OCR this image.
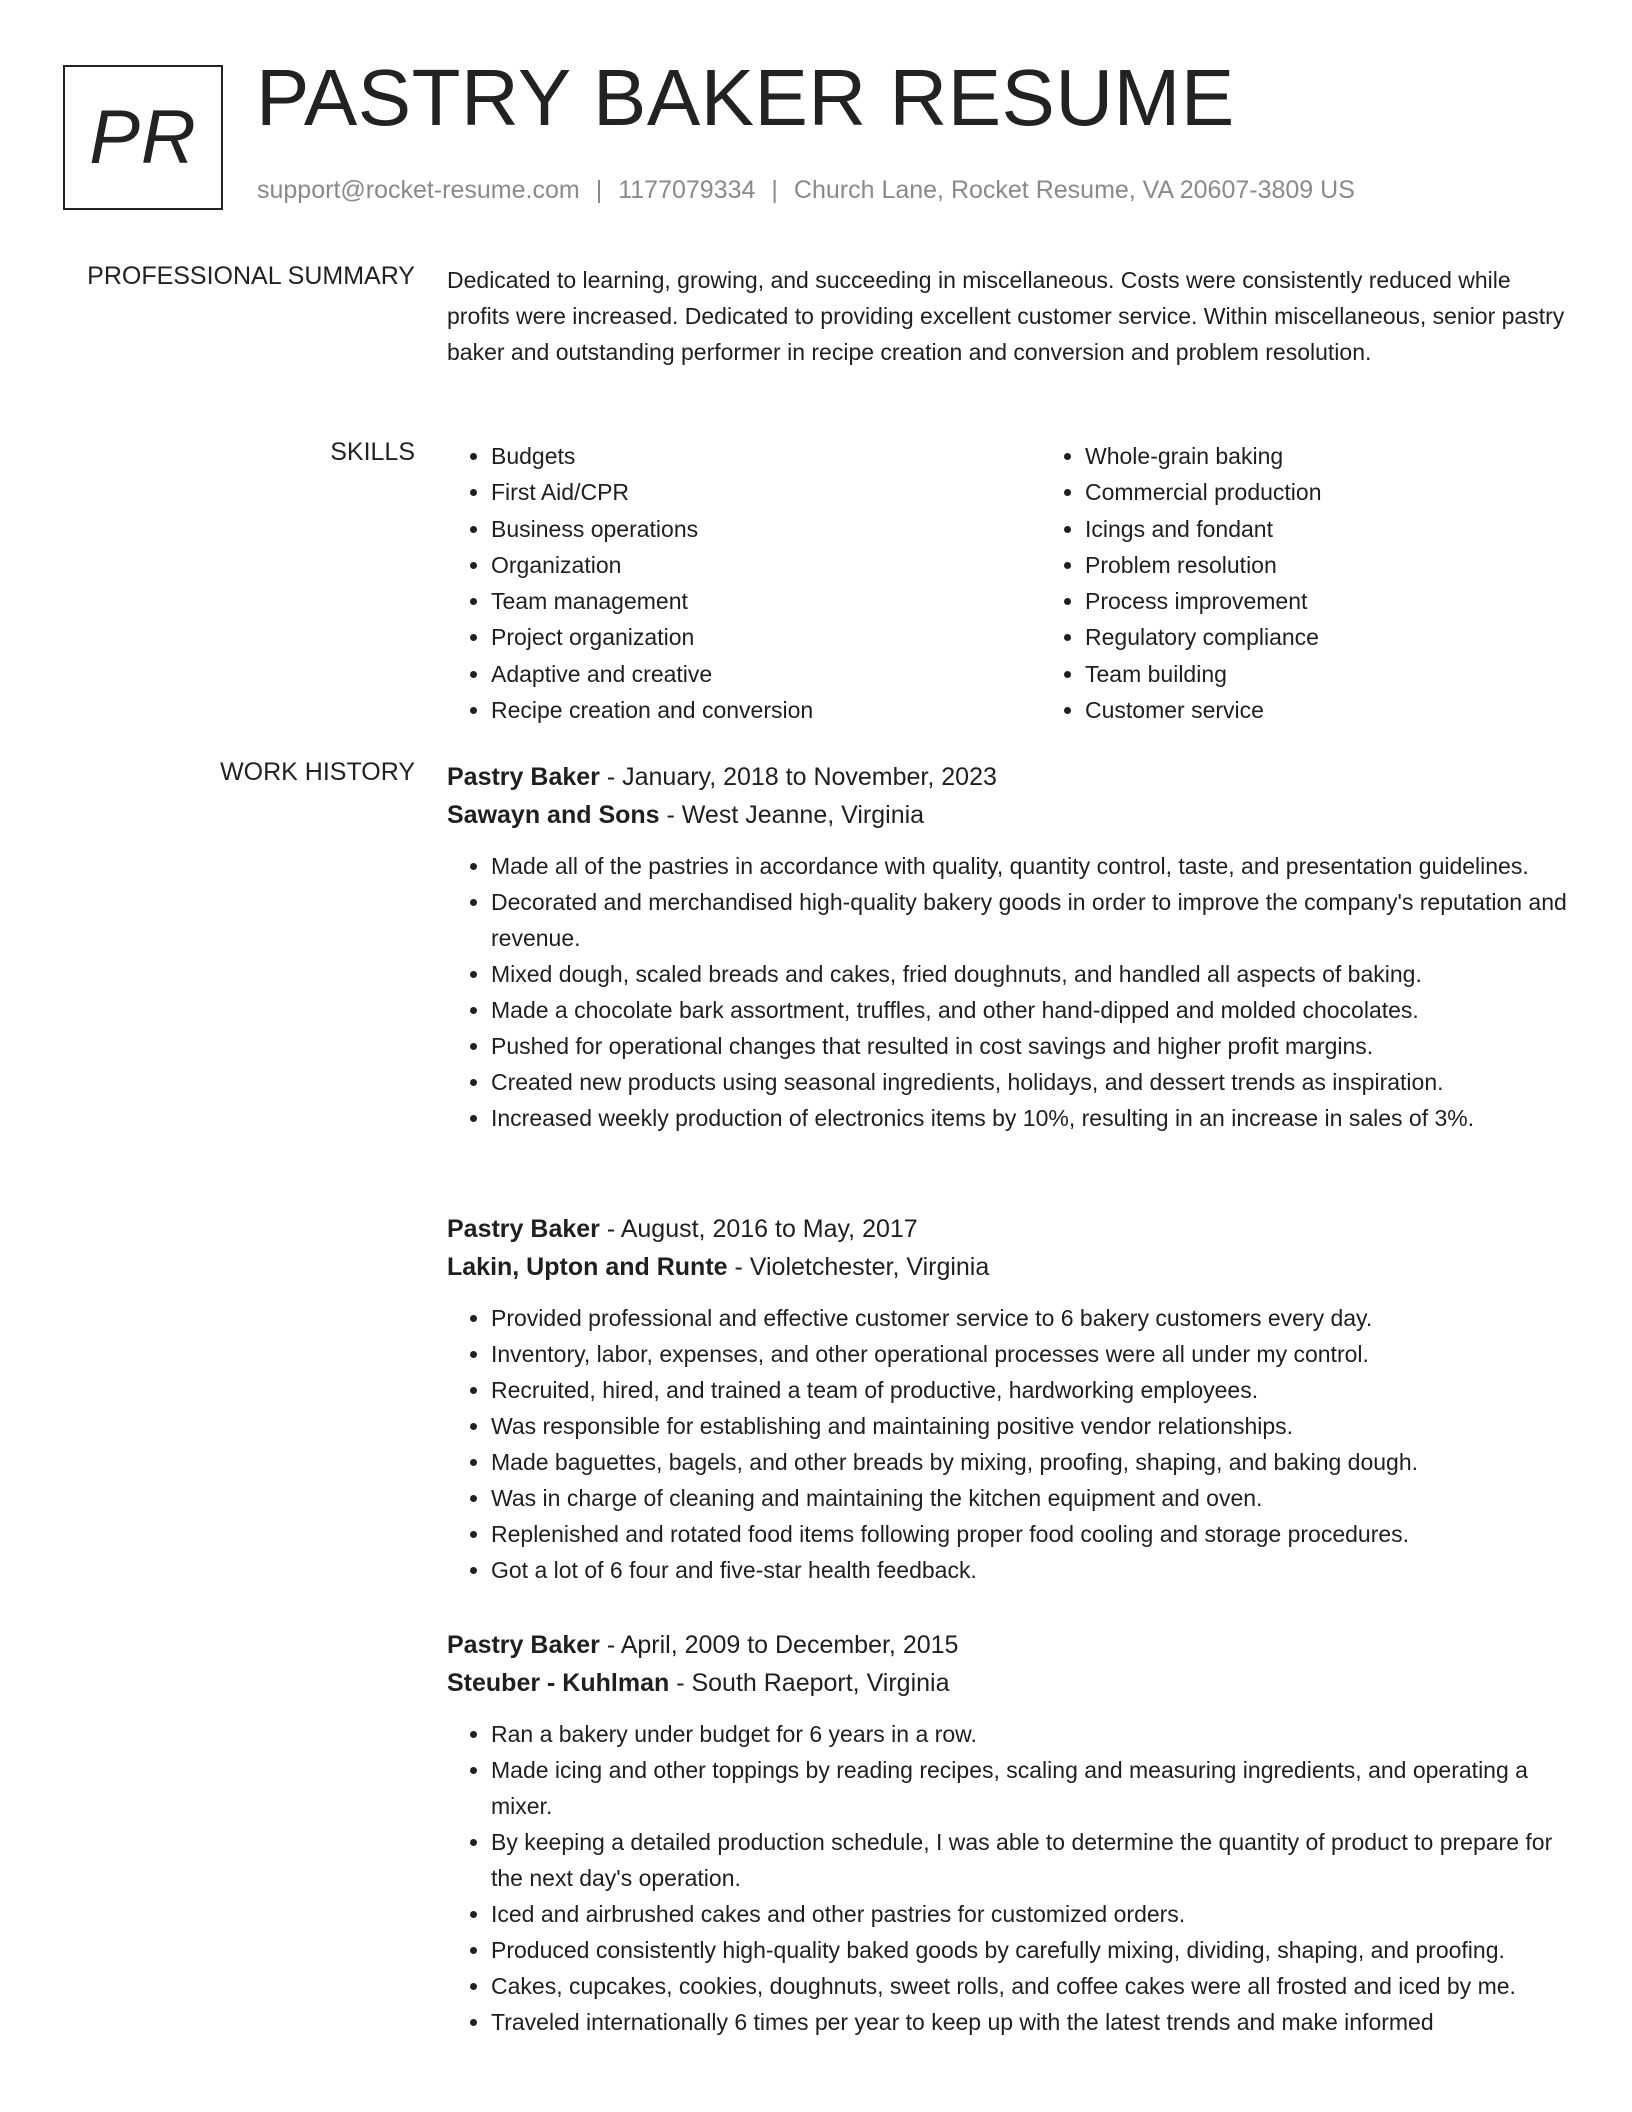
PR PASTRY BAKER RESUME
support@rocket-resume.com | 1177079334 | Church Lane, Rocket Resume, VA 20607-3809 US
PROFESSIONAL SUMMARY Dedicated to learning, growing, and succeeding in miscellaneous. Costs were consistently reduced while profits were increased. Dedicated to providing excellent customer service. Within miscellaneous, senior pastry baker and outstanding performer in recipe creation and conversion and problem resolution.

SKILLS
•	Budgets
• First Aid/CPR
• Business operations
• Organization
• Team management
• Project organization
• Adaptive and creative
• Recipe creation and conversion
• Whole-grain baking
• Commercial production
• Icings and fondant
• Problem resolution
• Process improvement
• Regulatory compliance
• Team building
• Customer service
WORK HISTORY Pastry Baker - January, 2018 to November, 2023
Sawayn and Sons - West Jeanne, Virginia
• Made all of the pastries in accordance with quality, quantity control, taste, and presentation guidelines.
• Decorated and merchandised high-quality bakery goods in order to improve the company's reputation and revenue.
• Mixed dough, scaled breads and cakes, fried doughnuts, and handled all aspects of baking.
• Made a chocolate bark assortment, truffles, and other hand-dipped and molded chocolates.
• Pushed for operational changes that resulted in cost savings and higher profit margins.
• Created new products using seasonal ingredients, holidays, and dessert trends as inspiration.
• Increased weekly production of electronics items by 10%, resulting in an increase in sales of 3%.
Pastry Baker - August, 2016 to May, 2017
Lakin, Upton and Runte - Violetchester, Virginia
• Provided professional and effective customer service to 6 bakery customers every day.
• Inventory, labor, expenses, and other operational processes were all under my control.
• Recruited, hired, and trained a team of productive, hardworking employees.
• Was responsible for establishing and maintaining positive vendor relationships.
• Made baguettes, bagels, and other breads by mixing, proofing, shaping, and baking dough.
• Was in charge of cleaning and maintaining the kitchen equipment and oven.
• Replenished and rotated food items following proper food cooling and storage procedures.
• Got a lot of 6 four and five-star health feedback.
Pastry Baker - April, 2009 to December, 2015
Steuber - Kuhlman - South Raeport, Virginia
• Ran a bakery under budget for 6 years in a row.
• Made icing and other toppings by reading recipes, scaling and measuring ingredients, and operating a mixer.
• By keeping a detailed production schedule, I was able to determine the quantity of product to prepare for the next day's operation.
• Iced and airbrushed cakes and other pastries for customized orders.
• Produced consistently high-quality baked goods by carefully mixing, dividing, shaping, and proofing.
• Cakes, cupcakes, cookies, doughnuts, sweet rolls, and coffee cakes were all frosted and iced by me.
• Traveled internationally 6 times per year to keep up with the latest trends and make informed
